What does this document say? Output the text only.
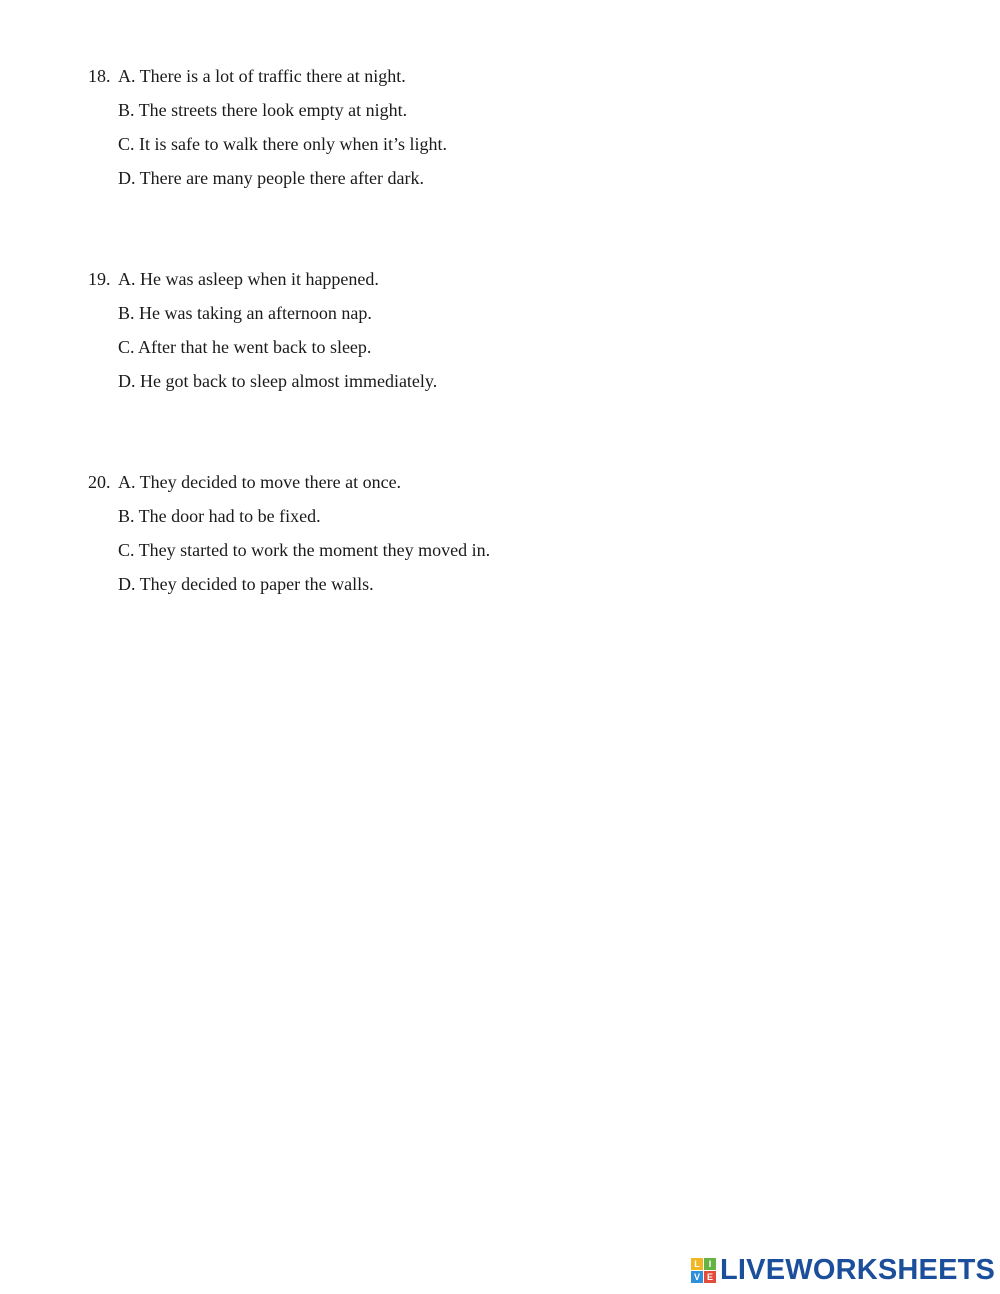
18. A. There is a lot of traffic there at night.
B. The streets there look empty at night.
C. It is safe to walk there only when it’s light.
D. There are many people there after dark.
19. A. He was asleep when it happened.
B. He was taking an afternoon nap.
C. After that he went back to sleep.
D. He got back to sleep almost immediately.
20. A. They decided to move there at once.
B. The door had to be fixed.
C. They started to work the moment they moved in.
D. They decided to paper the walls.
L I
V E LIVEWORKSHEETS
